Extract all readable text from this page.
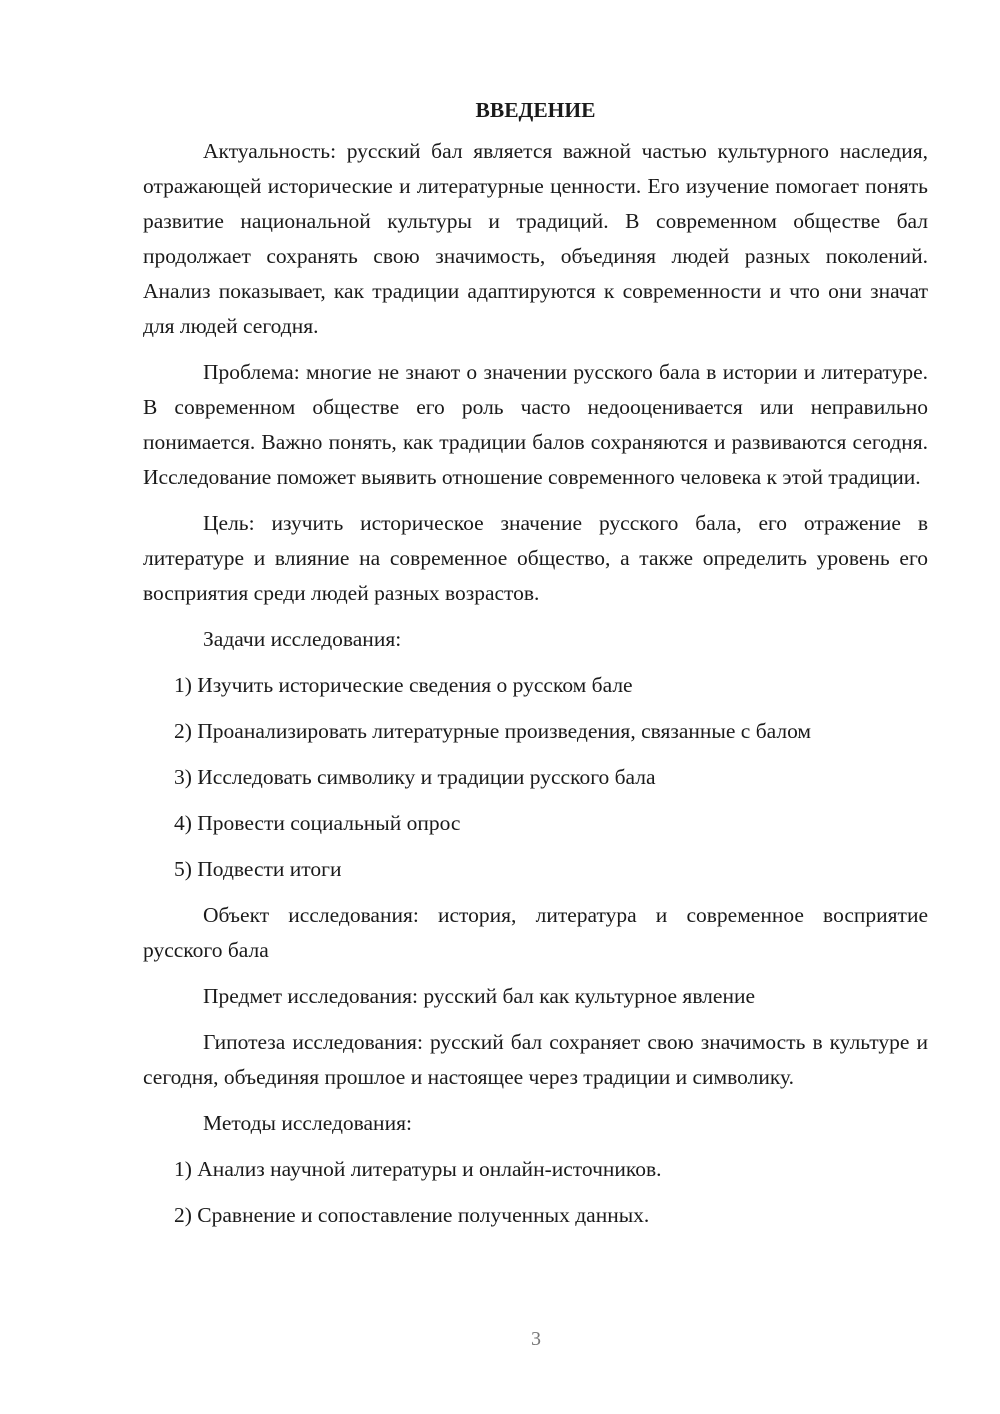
ВВЕДЕНИЕ

Актуальность: русский бал является важной частью культурного наследия, отражающей исторические и литературные ценности. Его изучение помогает понять развитие национальной культуры и традиций. В современном обществе бал продолжает сохранять свою значимость, объединяя людей разных поколений. Анализ показывает, как традиции адаптируются к современности и что они значат для людей сегодня.

Проблема: многие не знают о значении русского бала в истории и литературе. В современном обществе его роль часто недооценивается или неправильно понимается. Важно понять, как традиции балов сохраняются и развиваются сегодня. Исследование поможет выявить отношение современного человека к этой традиции.

Цель: изучить историческое значение русского бала, его отражение в литературе и влияние на современное общество, а также определить уровень его восприятия среди людей разных возрастов.

Задачи исследования:

1) Изучить исторические сведения о русском бале
2) Проанализировать литературные произведения, связанные с балом
3) Исследовать символику и традиции русского бала
4) Провести социальный опрос
5) Подвести итоги

Объект исследования: история, литература и современное восприятие русского бала

Предмет исследования: русский бал как культурное явление

Гипотеза исследования: русский бал сохраняет свою значимость в культуре и сегодня, объединяя прошлое и настоящее через традиции и символику.

Методы исследования:

1) Анализ научной литературы и онлайн-источников.
2) Сравнение и сопоставление полученных данных.
3
